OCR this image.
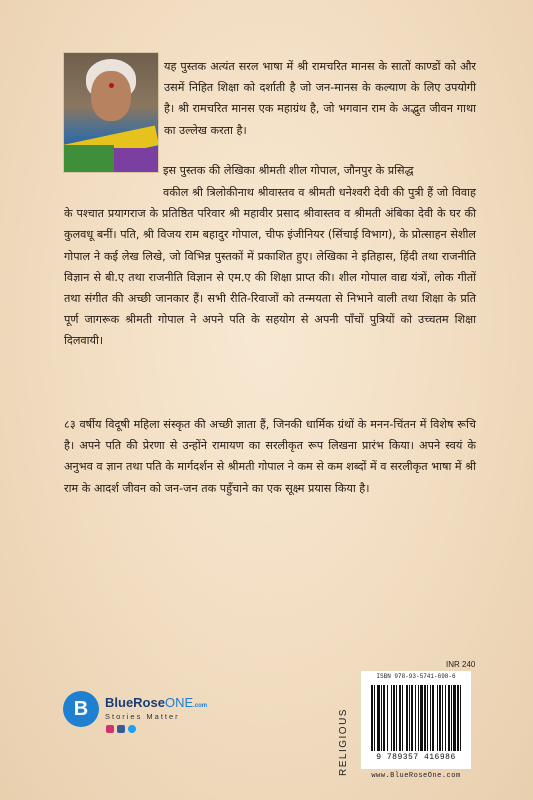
यह पुस्तक अत्यंत सरल भाषा में श्री रामचरित मानस के सातों काण्डों को और उसमें निहित शिक्षा को दर्शाती है जो जन-मानस के कल्याण के लिए उपयोगी है। श्री रामचरित मानस एक महाग्रंथ है, जो भगवान राम के अद्भुत जीवन गाथा का उल्लेख करता है।

इस पुस्तक की लेखिका श्रीमती शील गोपाल, जौनपुर के प्रसिद्ध

वकील श्री त्रिलोकीनाथ श्रीवास्तव व श्रीमती धनेश्वरी देवी की पुत्री हैं जो विवाह के पश्चात प्रयागराज के प्रतिष्ठित परिवार श्री महावीर प्रसाद श्रीवास्तव व श्रीमती अंबिका देवी के घर की कुलवधू बनीं। पति, श्री विजय राम बहादुर गोपाल, चीफ इंजीनियर (सिंचाई विभाग), के प्रोत्साहन सेशील गोपाल ने कई लेख लिखे, जो विभिन्न पुस्तकों में प्रकाशित हुए। लेखिका ने इतिहास, हिंदी तथा राजनीति विज्ञान से बी.ए तथा राजनीति विज्ञान से एम.ए की शिक्षा प्राप्त की। शील गोपाल वाद्य यंत्रों, लोक गीतों तथा संगीत की अच्छी जानकार हैं। सभी रीति-रिवाजों को तन्मयता से निभाने वाली तथा शिक्षा के प्रति पूर्ण जागरूक श्रीमती गोपाल ने अपने पति के सहयोग से अपनी पाँचों पुत्रियों को उच्चतम शिक्षा दिलवायी।

८३ वर्षीय विदूषी महिला संस्कृत की अच्छी ज्ञाता हैं, जिनकी धार्मिक ग्रंथों के मनन-चिंतन में विशेष रूचि है। अपने पति की प्रेरणा से उन्होंने रामायण का सरलीकृत रूप लिखना प्रारंभ किया। अपने स्वयं के अनुभव व ज्ञान तथा पति के मार्गदर्शन से श्रीमती गोपाल ने कम से कम शब्दों में व सरलीकृत भाषा में श्री राम के आदर्श जीवन को जन-जन तक पहुँचाने का एक सूक्ष्म प्रयास किया है।

B	BlueRoseONE.com
Stories Matter	RELIGIOUS
INR 240
ISBN 978-93-5741-698-6
9 789357 416986
www.BlueRoseOne.com
